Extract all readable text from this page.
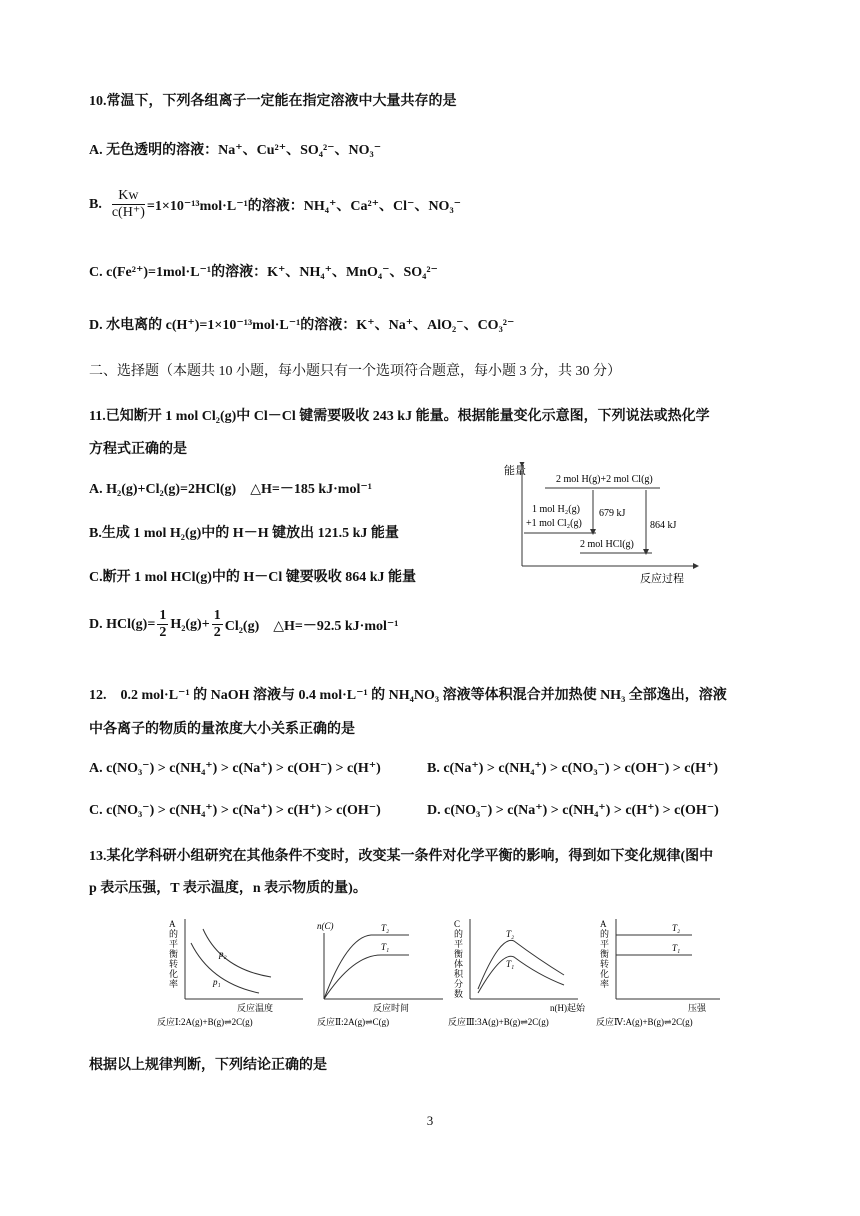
10.常温下，下列各组离子一定能在指定溶液中大量共存的是
A. 无色透明的溶液：Na⁺、Cu²⁺、SO₄²⁻、NO₃⁻
B. $\frac{Kw}{c(H^+)} =1\times 10^{-13}mol\cdot L^{-1}$的溶液：NH₄⁺、Ca²⁺、Cl⁻、NO₃⁻
C. c(Fe²⁺)=1mol·L⁻¹的溶液：K⁺、NH₄⁺、MnO₄⁻、SO₄²⁻
D. 水电离的 c(H⁺)=1×10⁻¹³mol·L⁻¹的溶液：K⁺、Na⁺、AlO₂⁻、CO₃²⁻
二、选择题（本题共 10 小题，每小题只有一个选项符合题意，每小题 3 分，共 30 分）
11.已知断开 1 mol Cl₂(g)中 Cl－Cl 键需要吸收 243 kJ 能量。根据能量变化示意图，下列说法或热化学
方程式正确的是
A. H₂(g)+Cl₂(g)=2HCl(g)　△H=－185 kJ·mol⁻¹
B.生成 1 mol H₂(g)中的 H－H 键放出 121.5 kJ 能量
C.断开 1 mol HCl(g)中的 H－Cl 键要吸收 864 kJ 能量
D. $HCl(g)= \frac{1}{2} H_2(g)+ \frac{1}{2} Cl_2(g)$　△H=－92.5 kJ·mol⁻¹
能量
2 mol H(g)+2 mol Cl(g)
1 mol H₂(g)
+1 mol Cl₂(g)
2 mol HCl(g)
679 kJ
864 kJ
反应过程
12.　0.2 mol·L⁻¹ 的 NaOH 溶液与 0.4 mol·L⁻¹ 的 NH₄NO₃ 溶液等体积混合并加热使 NH₃ 全部逸出，溶液
中各离子的物质的量浓度大小关系正确的是
A. c(NO₃⁻) > c(NH₄⁺) > c(Na⁺) > c(OH⁻) > c(H⁺)	B. c(Na⁺) > c(NH₄⁺) > c(NO₃⁻) > c(OH⁻) > c(H⁺)
C. c(NO₃⁻) > c(NH₄⁺) > c(Na⁺) > c(H⁺) > c(OH⁻)	D. c(NO₃⁻) > c(Na⁺) > c(NH₄⁺) > c(H⁺) > c(OH⁻)
13.某化学科研小组研究在其他条件不变时，改变某一条件对化学平衡的影响，得到如下变化规律(图中
p 表示压强，T 表示温度，n 表示物质的量)。
A 的平衡转化率
p₂
p₁
反应温度
反应Ⅰ:2A(g)+B(g)⇌2C(g)
n(C)	T₂
T₁
反应时间
反应Ⅱ:2A(g)⇌C(g)
C 的平衡体积分数
T₂
T₁
n(H)起始
反应Ⅲ:3A(g)+B(g)⇌2C(g)
A 的平衡转化率
T₂
T₁
压强
反应Ⅳ:A(g)+B(g)⇌2C(g)
根据以上规律判断，下列结论正确的是
3
